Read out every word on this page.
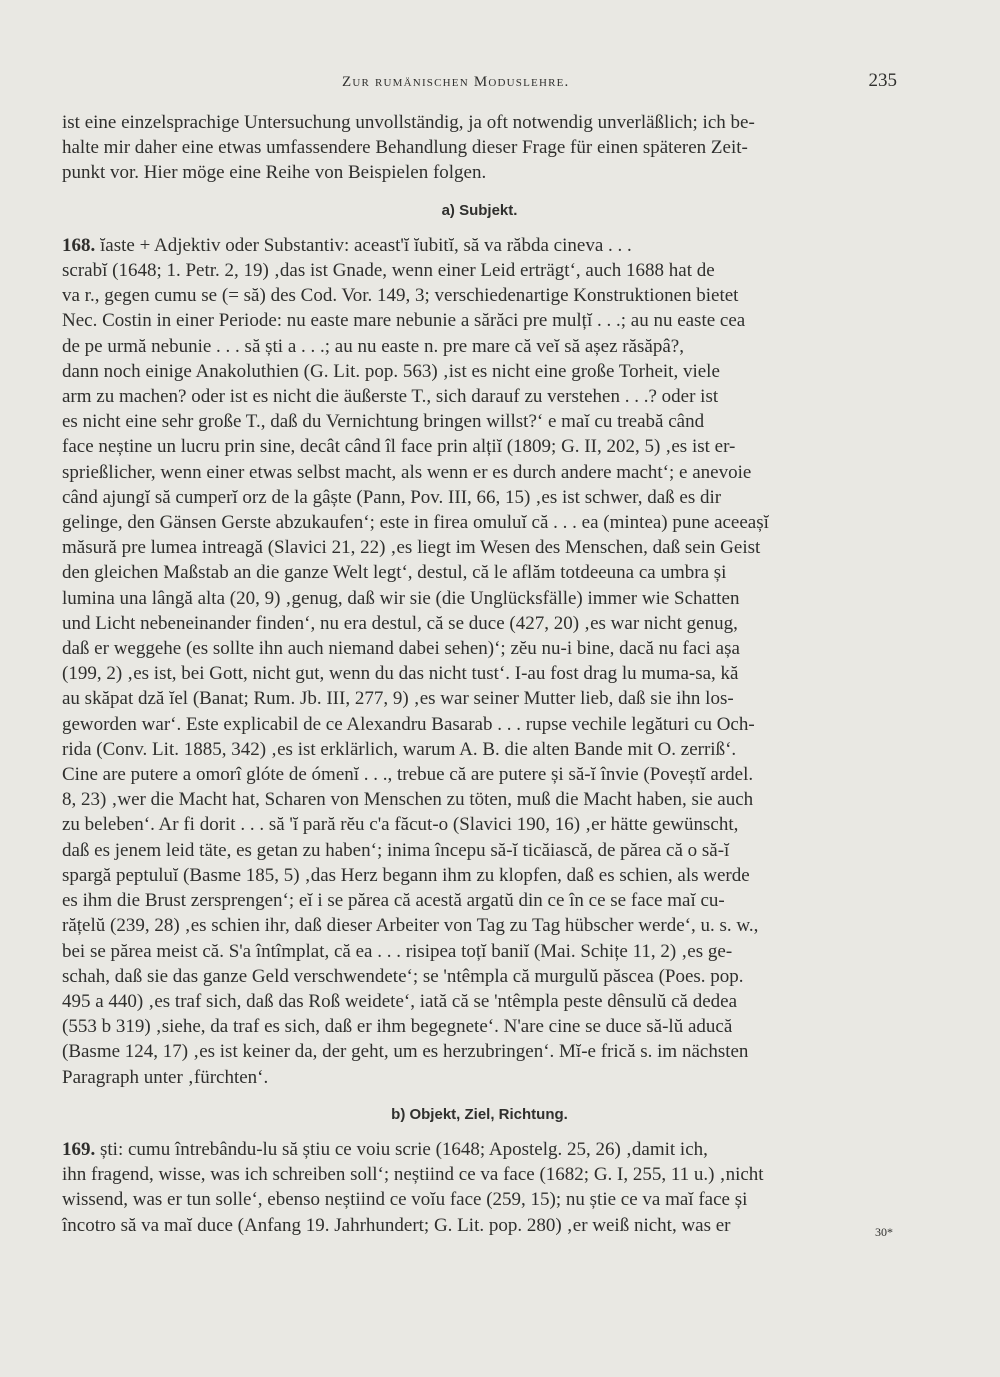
Zur rumänischen Moduslehre.	235
ist eine einzelsprachige Untersuchung unvollständig, ja oft notwendig unverläßlich; ich be-
halte mir daher eine etwas umfassendere Behandlung dieser Frage für einen späteren Zeit-
punkt vor. Hier möge eine Reihe von Beispielen folgen.
a) Subjekt.
168. ĭaste + Adjektiv oder Substantiv: aceast'ĭ ĭubitĭ, să va răbda cineva . . .
scrabĭ (1648; 1. Petr. 2, 19) ‚das ist Gnade, wenn einer Leid erträgt‘, auch 1688 hat de
va r., gegen cumu se (= să) des Cod. Vor. 149, 3; verschiedenartige Konstruktionen bietet
Nec. Costin in einer Periode: nu easte mare nebunie a sărăci pre mulțĭ . . .; au nu easte cea
de pe urmă nebunie . . . să ști a . . .; au nu easte n. pre mare că veĭ să așez răsăpâ?,
dann noch einige Anakoluthien (G. Lit. pop. 563) ‚ist es nicht eine große Torheit, viele
arm zu machen? oder ist es nicht die äußerste T., sich darauf zu verstehen . . .? oder ist
es nicht eine sehr große T., daß du Vernichtung bringen willst?‘ e maĭ cu treabă când
face neștine un lucru prin sine, decât când îl face prin alțiĭ (1809; G. II, 202, 5) ‚es ist er-
sprießlicher, wenn einer etwas selbst macht, als wenn er es durch andere macht‘; e anevoie
când ajungĭ să cumperĭ orz de la gâște (Pann, Pov. III, 66, 15) ‚es ist schwer, daß es dir
gelinge, den Gänsen Gerste abzukaufen‘; este in firea omuluĭ că . . . ea (mintea) pune aceeașĭ
măsură pre lumea intreagă (Slavici 21, 22) ‚es liegt im Wesen des Menschen, daß sein Geist
den gleichen Maßstab an die ganze Welt legt‘, destul, că le aflăm totdeeuna ca umbra și
lumina una lângă alta (20, 9) ‚genug, daß wir sie (die Unglücksfälle) immer wie Schatten
und Licht nebeneinander finden‘, nu era destul, că se duce (427, 20) ‚es war nicht genug,
daß er weggehe (es sollte ihn auch niemand dabei sehen)‘; zĕu nu-i bine, dacă nu faci așa
(199, 2) ‚es ist, bei Gott, nicht gut, wenn du das nicht tust‘. I-au fost drag lu muma-sa, kă
au skăpat dză ĭel (Banat; Rum. Jb. III, 277, 9) ‚es war seiner Mutter lieb, daß sie ihn los-
geworden war‘. Este explicabil de ce Alexandru Basarab . . . rupse vechile legături cu Och-
rida (Conv. Lit. 1885, 342) ‚es ist erklärlich, warum A. B. die alten Bande mit O. zerriß‘.
Cine are putere a omorî glóte de ómenĭ . . ., trebue că are putere și să-ĭ învie (Poveștĭ ardel.
8, 23) ‚wer die Macht hat, Scharen von Menschen zu töten, muß die Macht haben, sie auch
zu beleben‘. Ar fi dorit . . . să 'ĭ pară rĕu c'a făcut-o (Slavici 190, 16) ‚er hätte gewünscht,
daß es jenem leid täte, es getan zu haben‘; inima începu să-ĭ ticăiască, de părea că o să-ĭ
spargă peptuluĭ (Basme 185, 5) ‚das Herz begann ihm zu klopfen, daß es schien, als werde
es ihm die Brust zersprengen‘; eĭ i se părea că acestă argatŭ din ce în ce se face maĭ cu-
rățelŭ (239, 28) ‚es schien ihr, daß dieser Arbeiter von Tag zu Tag hübscher werde‘, u. s. w.,
bei se părea meist că. S'a întîmplat, că ea . . . risipea toțĭ baniĭ (Mai. Schițe 11, 2) ‚es ge-
schah, daß sie das ganze Geld verschwendete‘; se 'ntêmpla că murgulŭ păscea (Poes. pop.
495 a 440) ‚es traf sich, daß das Roß weidete‘, iată că se 'ntêmpla peste dênsulŭ că dedea
(553 b 319) ‚siehe, da traf es sich, daß er ihm begegnete‘. N'are cine se duce să-lŭ aducă
(Basme 124, 17) ‚es ist keiner da, der geht, um es herzubringen‘. Mĭ-e frică s. im nächsten
Paragraph unter ‚fürchten‘.
b) Objekt, Ziel, Richtung.
169. ști: cumu întrebându-lu să știu ce voiu scrie (1648; Apostelg. 25, 26) ‚damit ich,
ihn fragend, wisse, was ich schreiben soll‘; neștiind ce va face (1682; G. I, 255, 11 u.) ‚nicht
wissend, was er tun solle‘, ebenso neștiind ce voĭu face (259, 15); nu știe ce va maĭ face și
încotro să va maĭ duce (Anfang 19. Jahrhundert; G. Lit. pop. 280) ‚er weiß nicht, was er	30*
